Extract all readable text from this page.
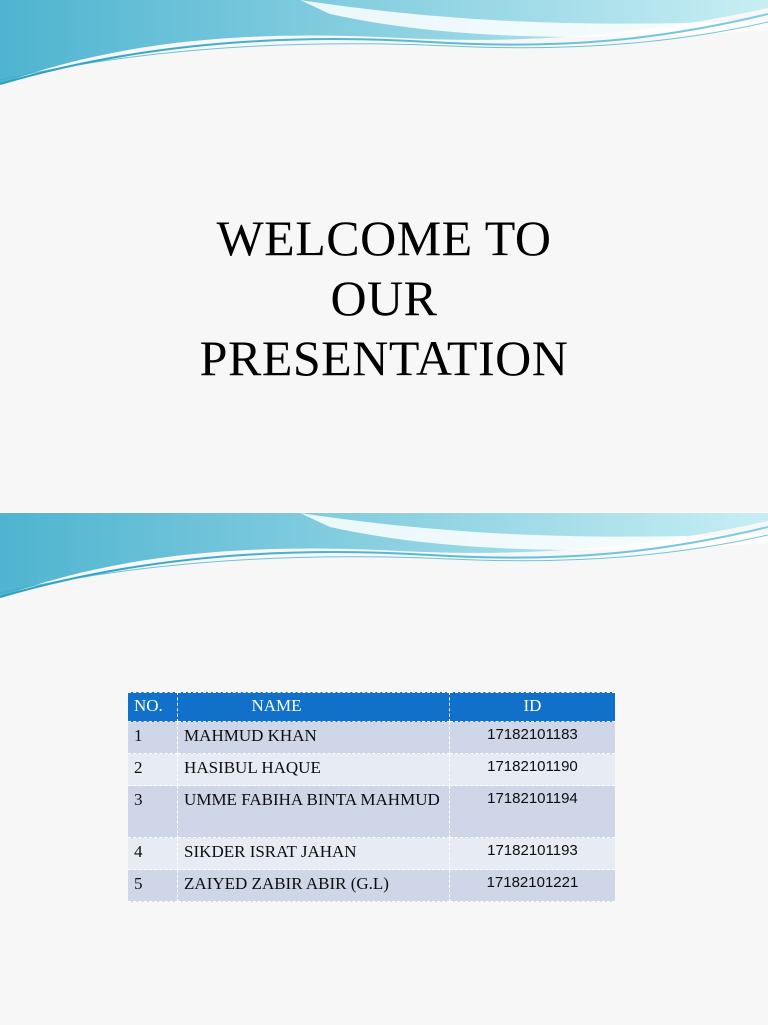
WELCOME TO
OUR
PRESENTATION
NO.	NAME	ID
1	MAHMUD KHAN	17182101183
2	HASIBUL HAQUE	17182101190
3	UMME FABIHA BINTA MAHMUD	17182101194
4	SIKDER ISRAT JAHAN	17182101193
5	ZAIYED ZABIR ABIR (G.L)	17182101221
